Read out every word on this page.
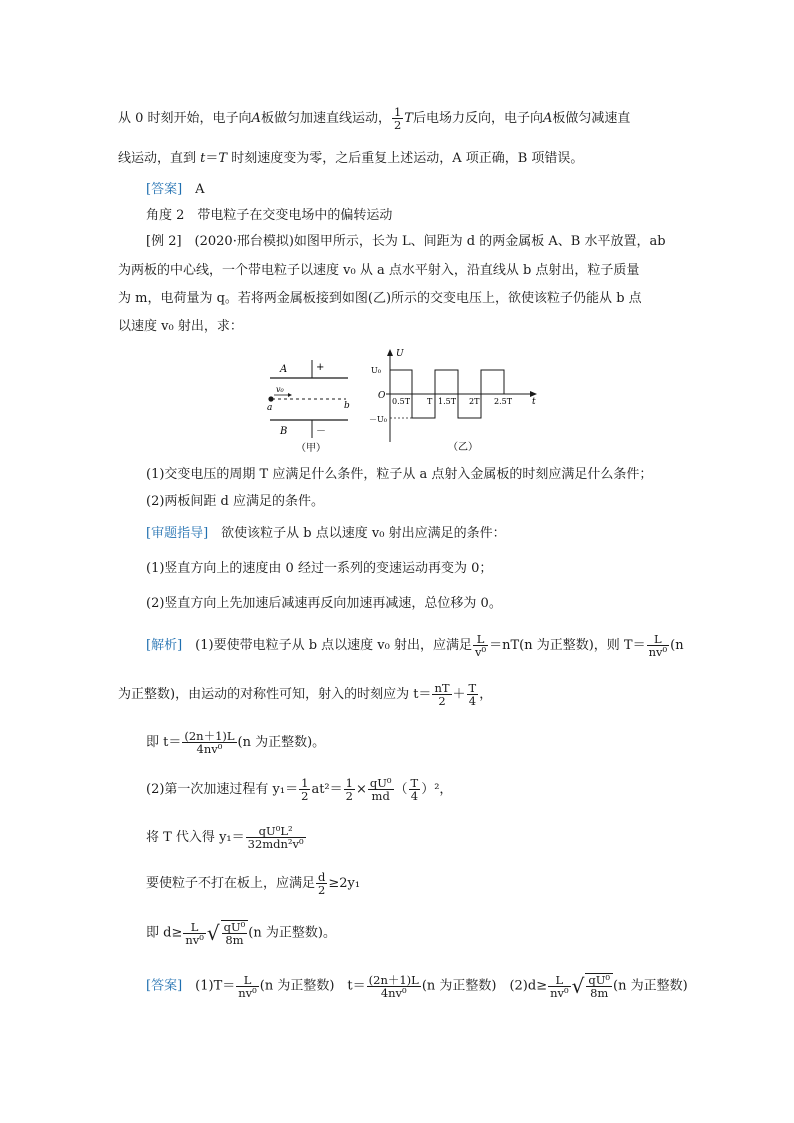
从 0 时刻开始，电子向A板做匀加速直线运动， $\frac{1}{2}$ T后电场力反向，电子向A板做匀减速直
线运动，直到 t＝T 时刻速度变为零，之后重复上述运动，A 项正确，B 项错误。
[答案]　 A
角度 2　带电粒子在交变电场中的偏转运动
[例 2]　(2020·邢台模拟)如图甲所示，长为 L、间距为 d 的两金属板 A、B 水平放置，ab
为两板的中心线，一个带电粒子以速度 v₀ 从 a 点水平射入，沿直线从 b 点射出，粒子质量
为 m，电荷量为 q。若将两金属板接到如图(乙)所示的交变电压上，欲使该粒子仍能从 b 点
以速度 v₀ 射出，求：
A	+
v₀
a	b
B	－
（甲）
U
U₀
O
－U₀
t
0.5T T 1.5T 2T 2.5T
（乙）
(1)交变电压的周期 T 应满足什么条件，粒子从 a 点射入金属板的时刻应满足什么条件；
(2)两板间距 d 应满足的条件。
[审题指导]　 欲使该粒子从 b 点以速度 v₀ 射出应满足的条件：
(1)竖直方向上的速度由 0 经过一系列的变速运动再变为 0；
(2)竖直方向上先加速后减速再反向加速再减速，总位移为 0。
[解析]　 (1)要使带电粒子从 b 点以速度 v₀ 射出，应满足 $\frac{L}{\text{v⁰}} =nT(n$ 为正整数)，则 $T= \frac{L}{\text{nv⁰}} (n$
为正整数)，由运动的对称性可知，射入的时刻应为 $t= \frac{nT}{2} + \frac{T}{4}$ ，
即 $t= \frac{(2n+1)L}{\text{4nv⁰}} (n$ 为正整数)。
(2)第一次加速过程有 $y_1= \frac{1}{2} at^2= \frac{1}{2} \times \frac{\text{qU⁰}}{md}$ （ $\frac{T}{4} )^2$，
将 T 代入得 $y_1= \frac{\text{qU⁰L²}}{\text{32mdn²v⁰}}$
要使粒子不打在板上，应满足 $\frac{d}{2} \ge 2y_1$
即 $d\ge \frac{L}{\text{nv⁰}}$ √ $\frac{\text{qU⁰}}{8m} (n$ 为正整数)。
[答案]　 $(1)T= \frac{L}{\text{nv⁰}} (n$ 为正整数)　$t= \frac{(2n+1)L}{\text{4nv⁰}} (n$ 为正整数)　$(2)d\ge \frac{L}{\text{nv⁰}}$ √ $\frac{\text{qU⁰}}{8m} (n$ 为正整数)
